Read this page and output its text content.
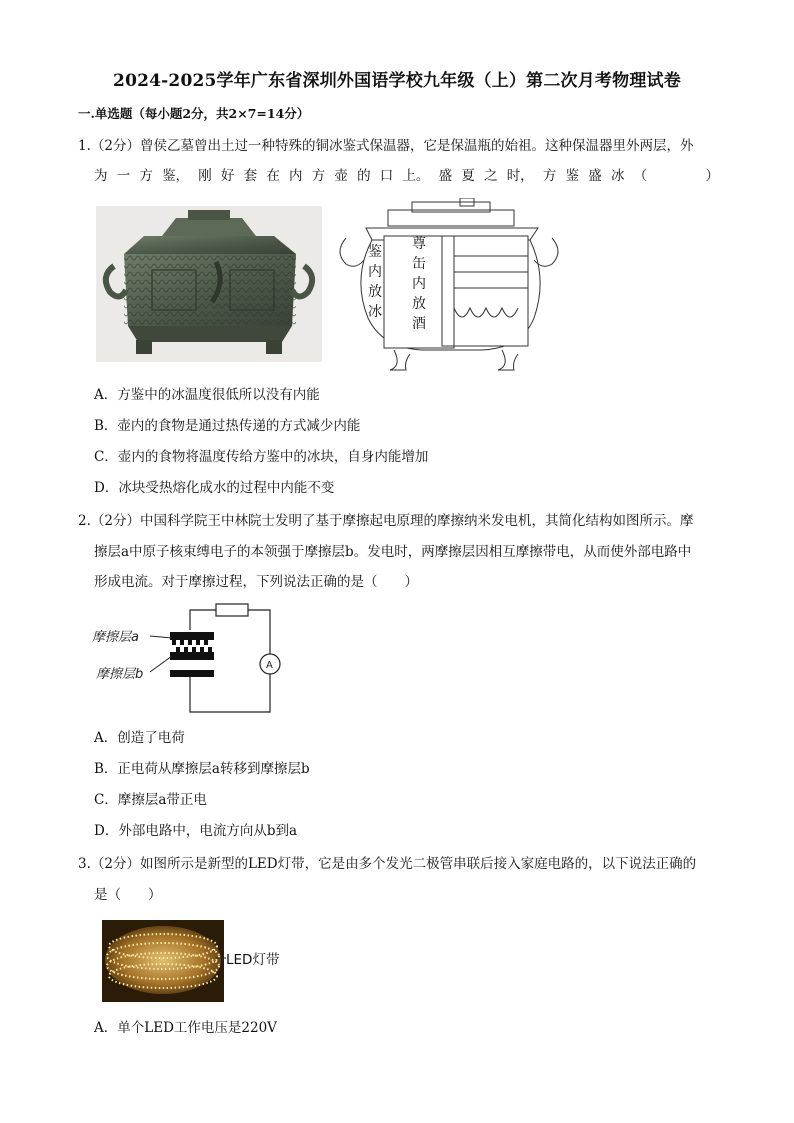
2024-2025学年广东省深圳外国语学校九年级（上）第二次月考物理试卷
一.单选题（每小题2分，共2×7=14分）
1.（2分）曾侯乙墓曾出土过一种特殊的铜冰鉴式保温器，它是保温瓶的始祖。这种保温器里外两层，外
为 一 方 鉴， 刚 好 套 在 内 方 壶 的 口 上。 盛 夏 之 时， 方 鉴 盛 冰 （	）
鉴
内
放
冰
尊
缶
内
放
酒
A．方鉴中的冰温度很低所以没有内能
B．壶内的食物是通过热传递的方式减少内能
C．壶内的食物将温度传给方鉴中的冰块，自身内能增加
D．冰块受热熔化成水的过程中内能不变
2.（2分）中国科学院王中林院士发明了基于摩擦起电原理的摩擦纳米发电机，其简化结构如图所示。摩
擦层a中原子核束缚电子的本领强于摩擦层b。发电时，两摩擦层因相互摩擦带电，从而使外部电路中
形成电流。对于摩擦过程，下列说法正确的是（　　）
摩擦层a
摩擦层b
A
A．创造了电荷
B．正电荷从摩擦层a转移到摩擦层b
C．摩擦层a带正电
D．外部电路中，电流方向从b到a
3.（2分）如图所示是新型的LED灯带，它是由多个发光二极管串联后接入家庭电路的，以下说法正确的
是（　　）
LED灯带
A．单个LED工作电压是220V
